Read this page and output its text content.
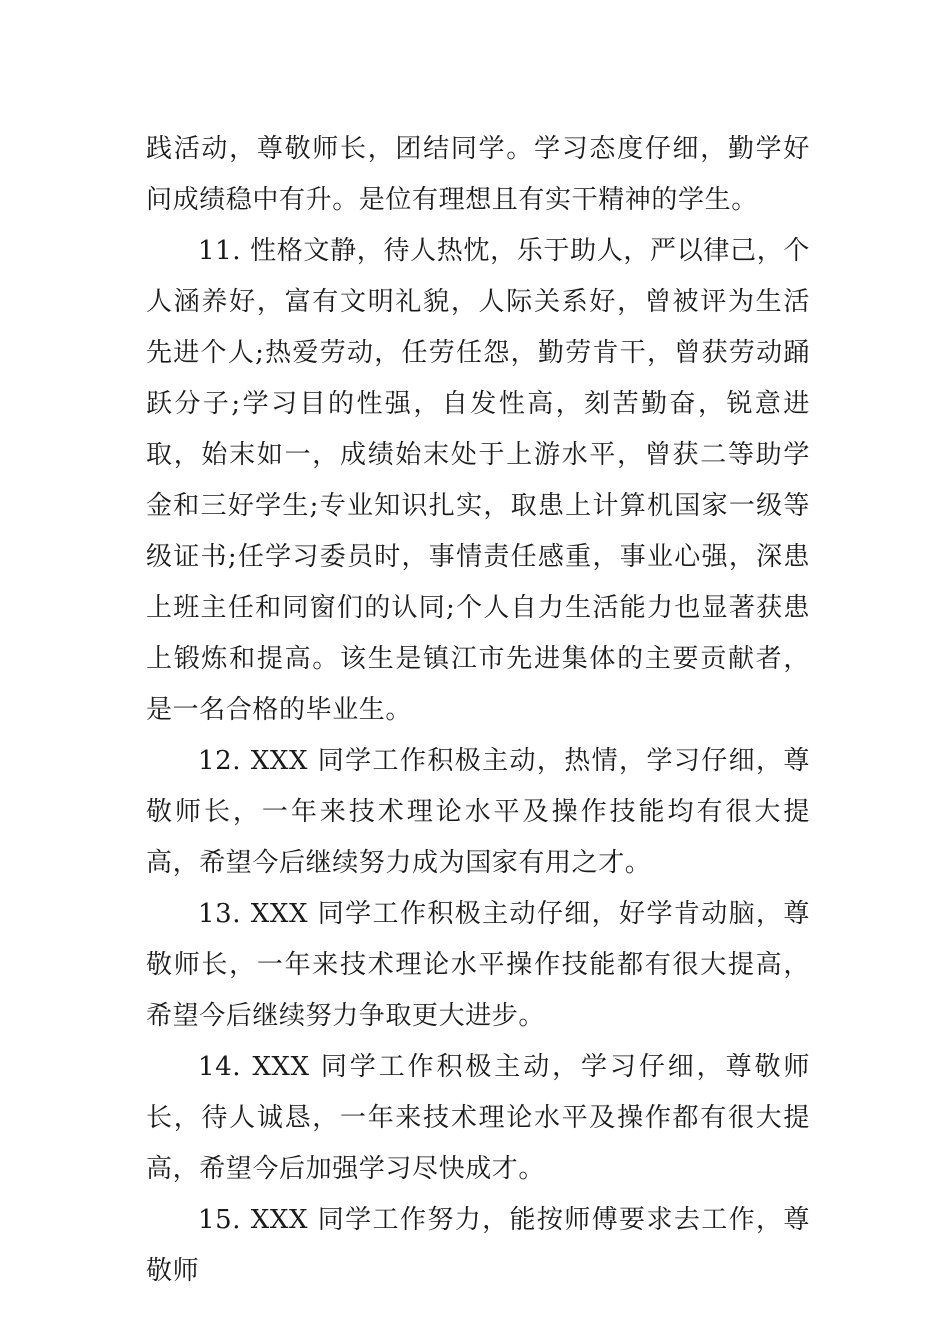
践活动，尊敬师长，团结同学。学习态度仔细，勤学好问成绩稳中有升。是位有理想且有实干精神的学生。

11. 性格文静，待人热忱，乐于助人，严以律己，个人涵养好，富有文明礼貌，人际关系好，曾被评为生活先进个人;热爱劳动，任劳任怨，勤劳肯干，曾获劳动踊跃分子;学习目的性强，自发性高，刻苦勤奋，锐意进取，始末如一，成绩始末处于上游水平，曾获二等助学金和三好学生;专业知识扎实，取患上计算机国家一级等级证书;任学习委员时，事情责任感重，事业心强，深患上班主任和同窗们的认同;个人自力生活能力也显著获患上锻炼和提高。该生是镇江市先进集体的主要贡献者，是一名合格的毕业生。

12. XXX 同学工作积极主动，热情，学习仔细，尊敬师长，一年来技术理论水平及操作技能均有很大提高，希望今后继续努力成为国家有用之才。

13. XXX 同学工作积极主动仔细，好学肯动脑，尊敬师长，一年来技术理论水平操作技能都有很大提高，希望今后继续努力争取更大进步。

14. XXX 同学工作积极主动，学习仔细，尊敬师长，待人诚恳，一年来技术理论水平及操作都有很大提高，希望今后加强学习尽快成才。

15. XXX 同学工作努力，能按师傅要求去工作，尊敬师
